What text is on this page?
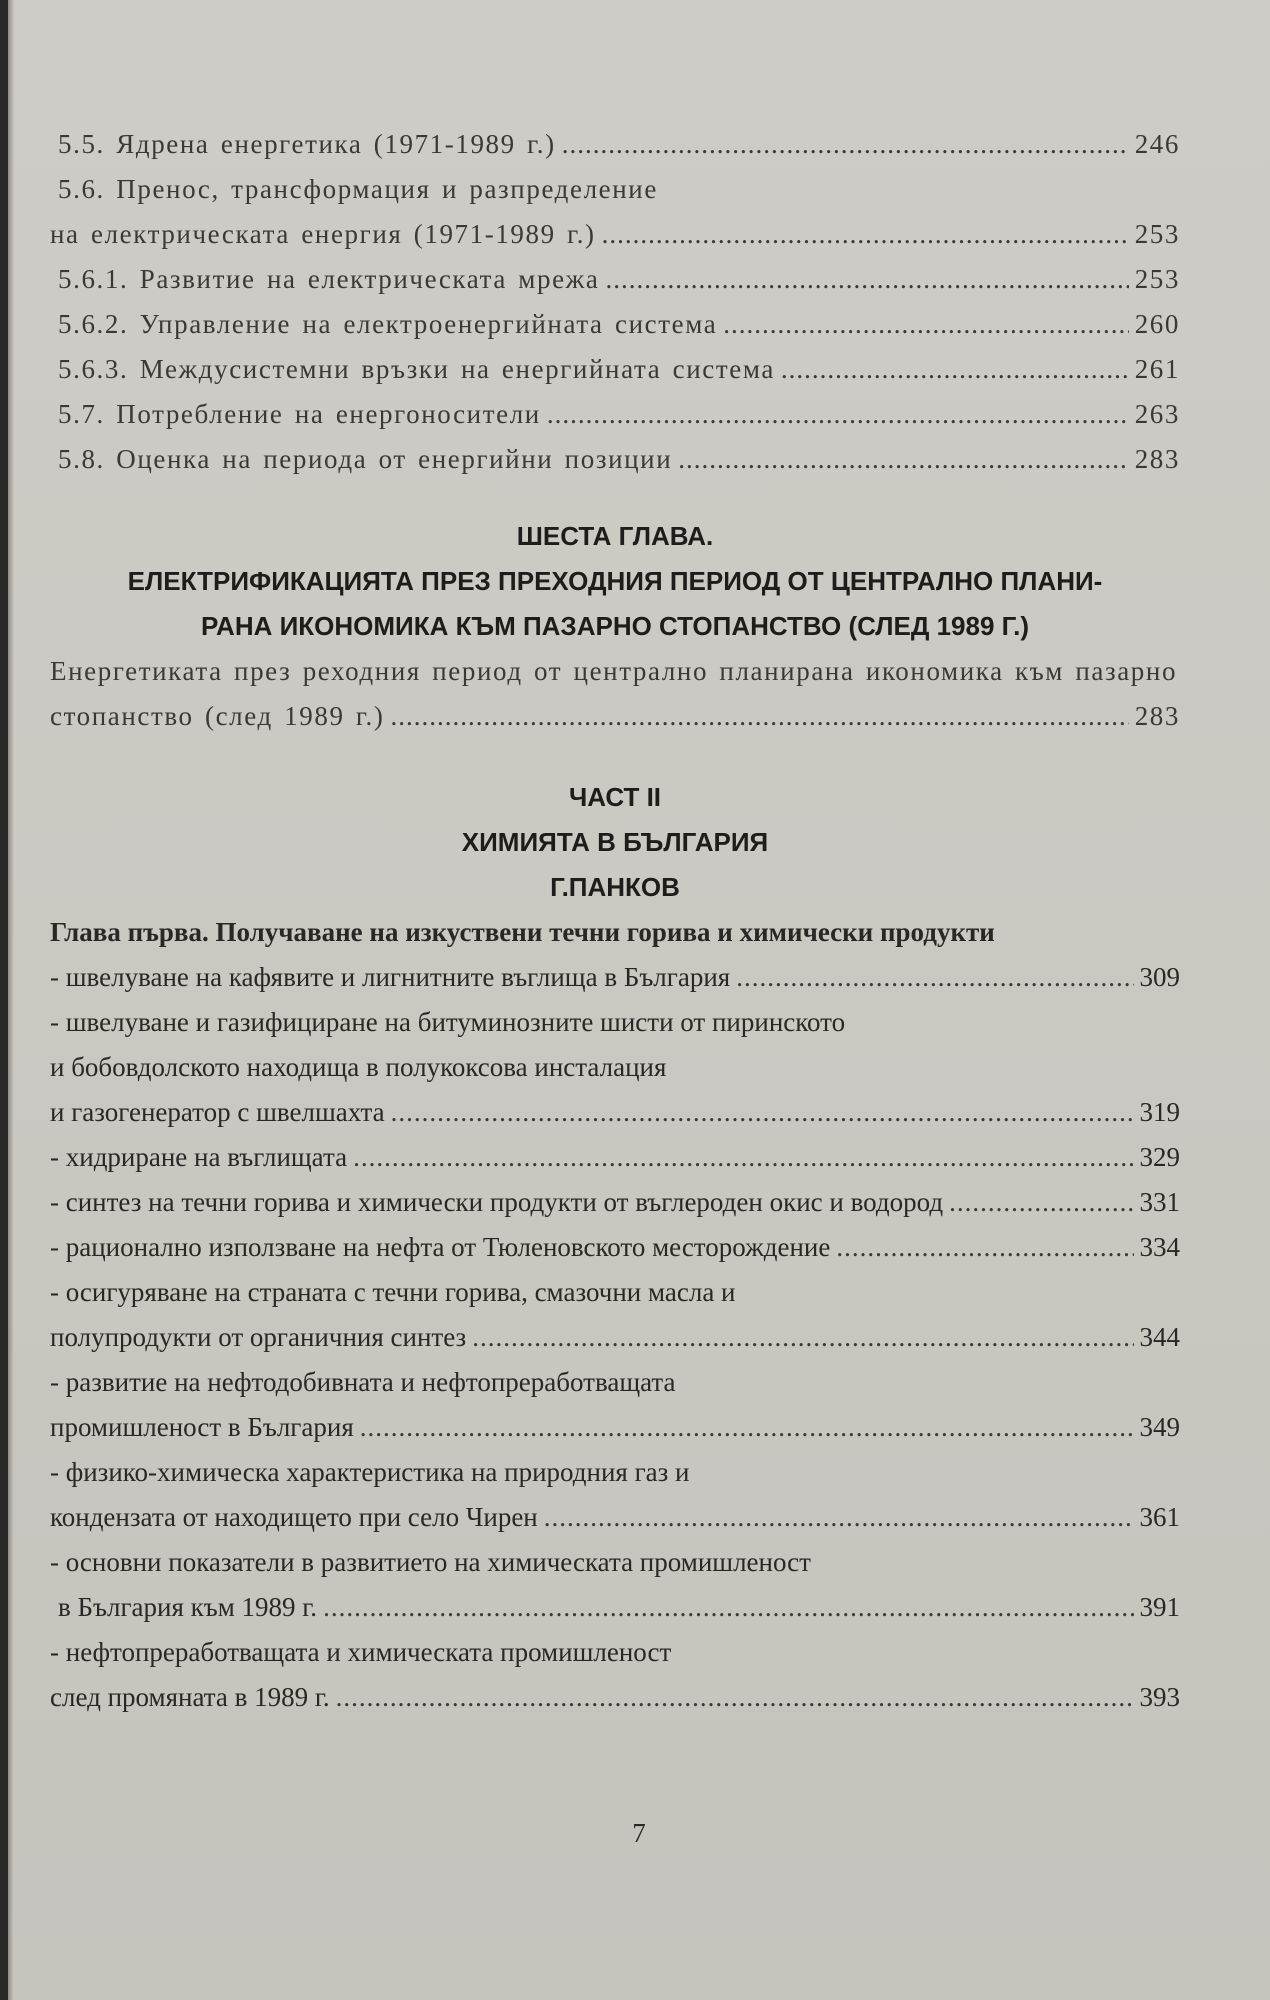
5.5. Ядрена енергетика (1971-1989 г.) .....	246
5.6. Пренос, трансформация и разпределение
на електрическата енергия (1971-1989 г.) .....	253
5.6.1. Развитие на електрическата мрежа .....	253
5.6.2. Управление на електроенергийната система .....	260
5.6.3. Междусистемни връзки на енергийната система .....	261
5.7. Потребление на енергоносители .....	263
5.8. Оценка на периода от енергийни позиции .....	283
ШЕСТА ГЛАВА.
ЕЛЕКТРИФИКАЦИЯТА ПРЕЗ ПРЕХОДНИЯ ПЕРИОД ОТ ЦЕНТРАЛНО ПЛАНИ-
РАНА ИКОНОМИКА КЪМ ПАЗАРНО СТОПАНСТВО (СЛЕД 1989 Г.)
Енергетиката през реходния период от централно планирана икономика към пазарно
стопанство (след 1989 г.) .....	283
ЧАСТ II
ХИМИЯТА В БЪЛГАРИЯ
Г.ПАНКОВ
Глава първа. Получаване на изкуствени течни горива и химически продукти
- швелуване на кафявите и лигнитните въглища в България .....	309
- швелуване и газифициране на битуминозните шисти от пиринското
и бобовдолското находища в полукоксова инсталация
и газогенератор с швелшахта .....	319
- хидриране на въглищата .....	329
- синтез на течни горива и химически продукти от въглероден окис и водород .....	331
- рационално използване на нефта от Тюленовското месторождение .....	334
- осигуряване на страната с течни горива, смазочни масла и
полупродукти от органичния синтез .....	344
- развитие на нефтодобивната и нефтопреработващата
промишленост в България .....	349
- физико-химическа характеристика на природния газ и
кондензата от находището при село Чирен .....	361
- основни показатели в развитието на химическата промишленост
в България към 1989 г. .....	391
- нефтопреработващата и химическата промишленост
след промяната в 1989 г. .....	393
7
